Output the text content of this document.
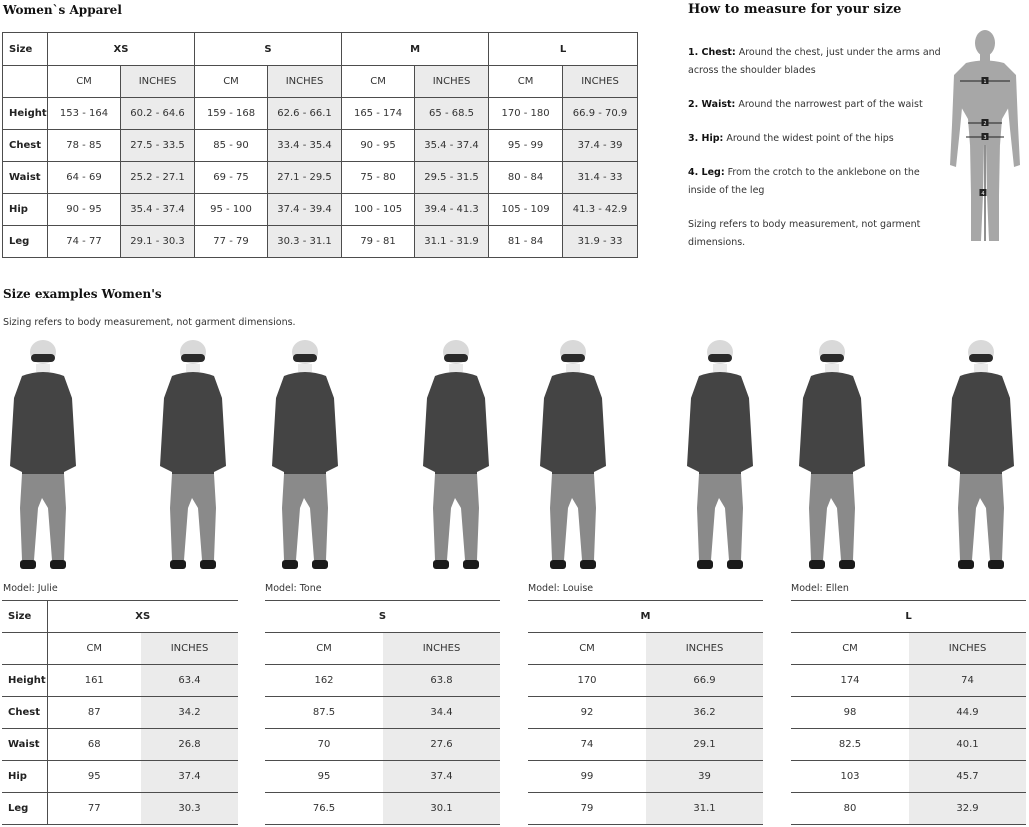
Women`s Apparel	How to measure for your size
Size examples Women's
Size	XS		S		M		L	
	CM	INCHES	CM	INCHES	CM	INCHES	CM	INCHES
Height	153 - 164	60.2 - 64.6	159 - 168	62.6 - 66.1	165 - 174	65 - 68.5	170 - 180	66.9 - 70.9
Chest	78 - 85	27.5 - 33.5	85 - 90	33.4 - 35.4	90 - 95	35.4 - 37.4	95 - 99	37.4 - 39
Waist	64 - 69	25.2 - 27.1	69 - 75	27.1 - 29.5	75 - 80	29.5 - 31.5	80 - 84	31.4 - 33
Hip	90 - 95	35.4 - 37.4	95 - 100	37.4 - 39.4	100 - 105	39.4 - 41.3	105 - 109	41.3 - 42.9
Leg	74 - 77	29.1 - 30.3	77 - 79	30.3 - 31.1	79 - 81	31.1 - 31.9	81 - 84	31.9 - 33
1. Chest: Around the chest, just under the arms and across the shoulder blades
2. Waist: Around the narrowest part of the waist
3. Hip: Around the widest point of the hips
4. Leg: From the crotch to the anklebone on the inside of the leg
Sizing refers to body measurement, not garment dimensions.
1
2
3
4
Sizing refers to body measurement, not garment dimensions.
Model: Julie	Model: Tone	Model: Louise	Model: Ellen
Size	XS	
	CM	INCHES
Height	161	63.4
Chest	87	34.2
Waist	68	26.8
Hip	95	37.4
Leg	77	30.3
S	
CM	INCHES
162	63.8
87.5	34.4
70	27.6
95	37.4
76.5	30.1
M	
CM	INCHES
170	66.9
92	36.2
74	29.1
99	39
79	31.1
L	
CM	INCHES
174	74
98	44.9
82.5	40.1
103	45.7
80	32.9
